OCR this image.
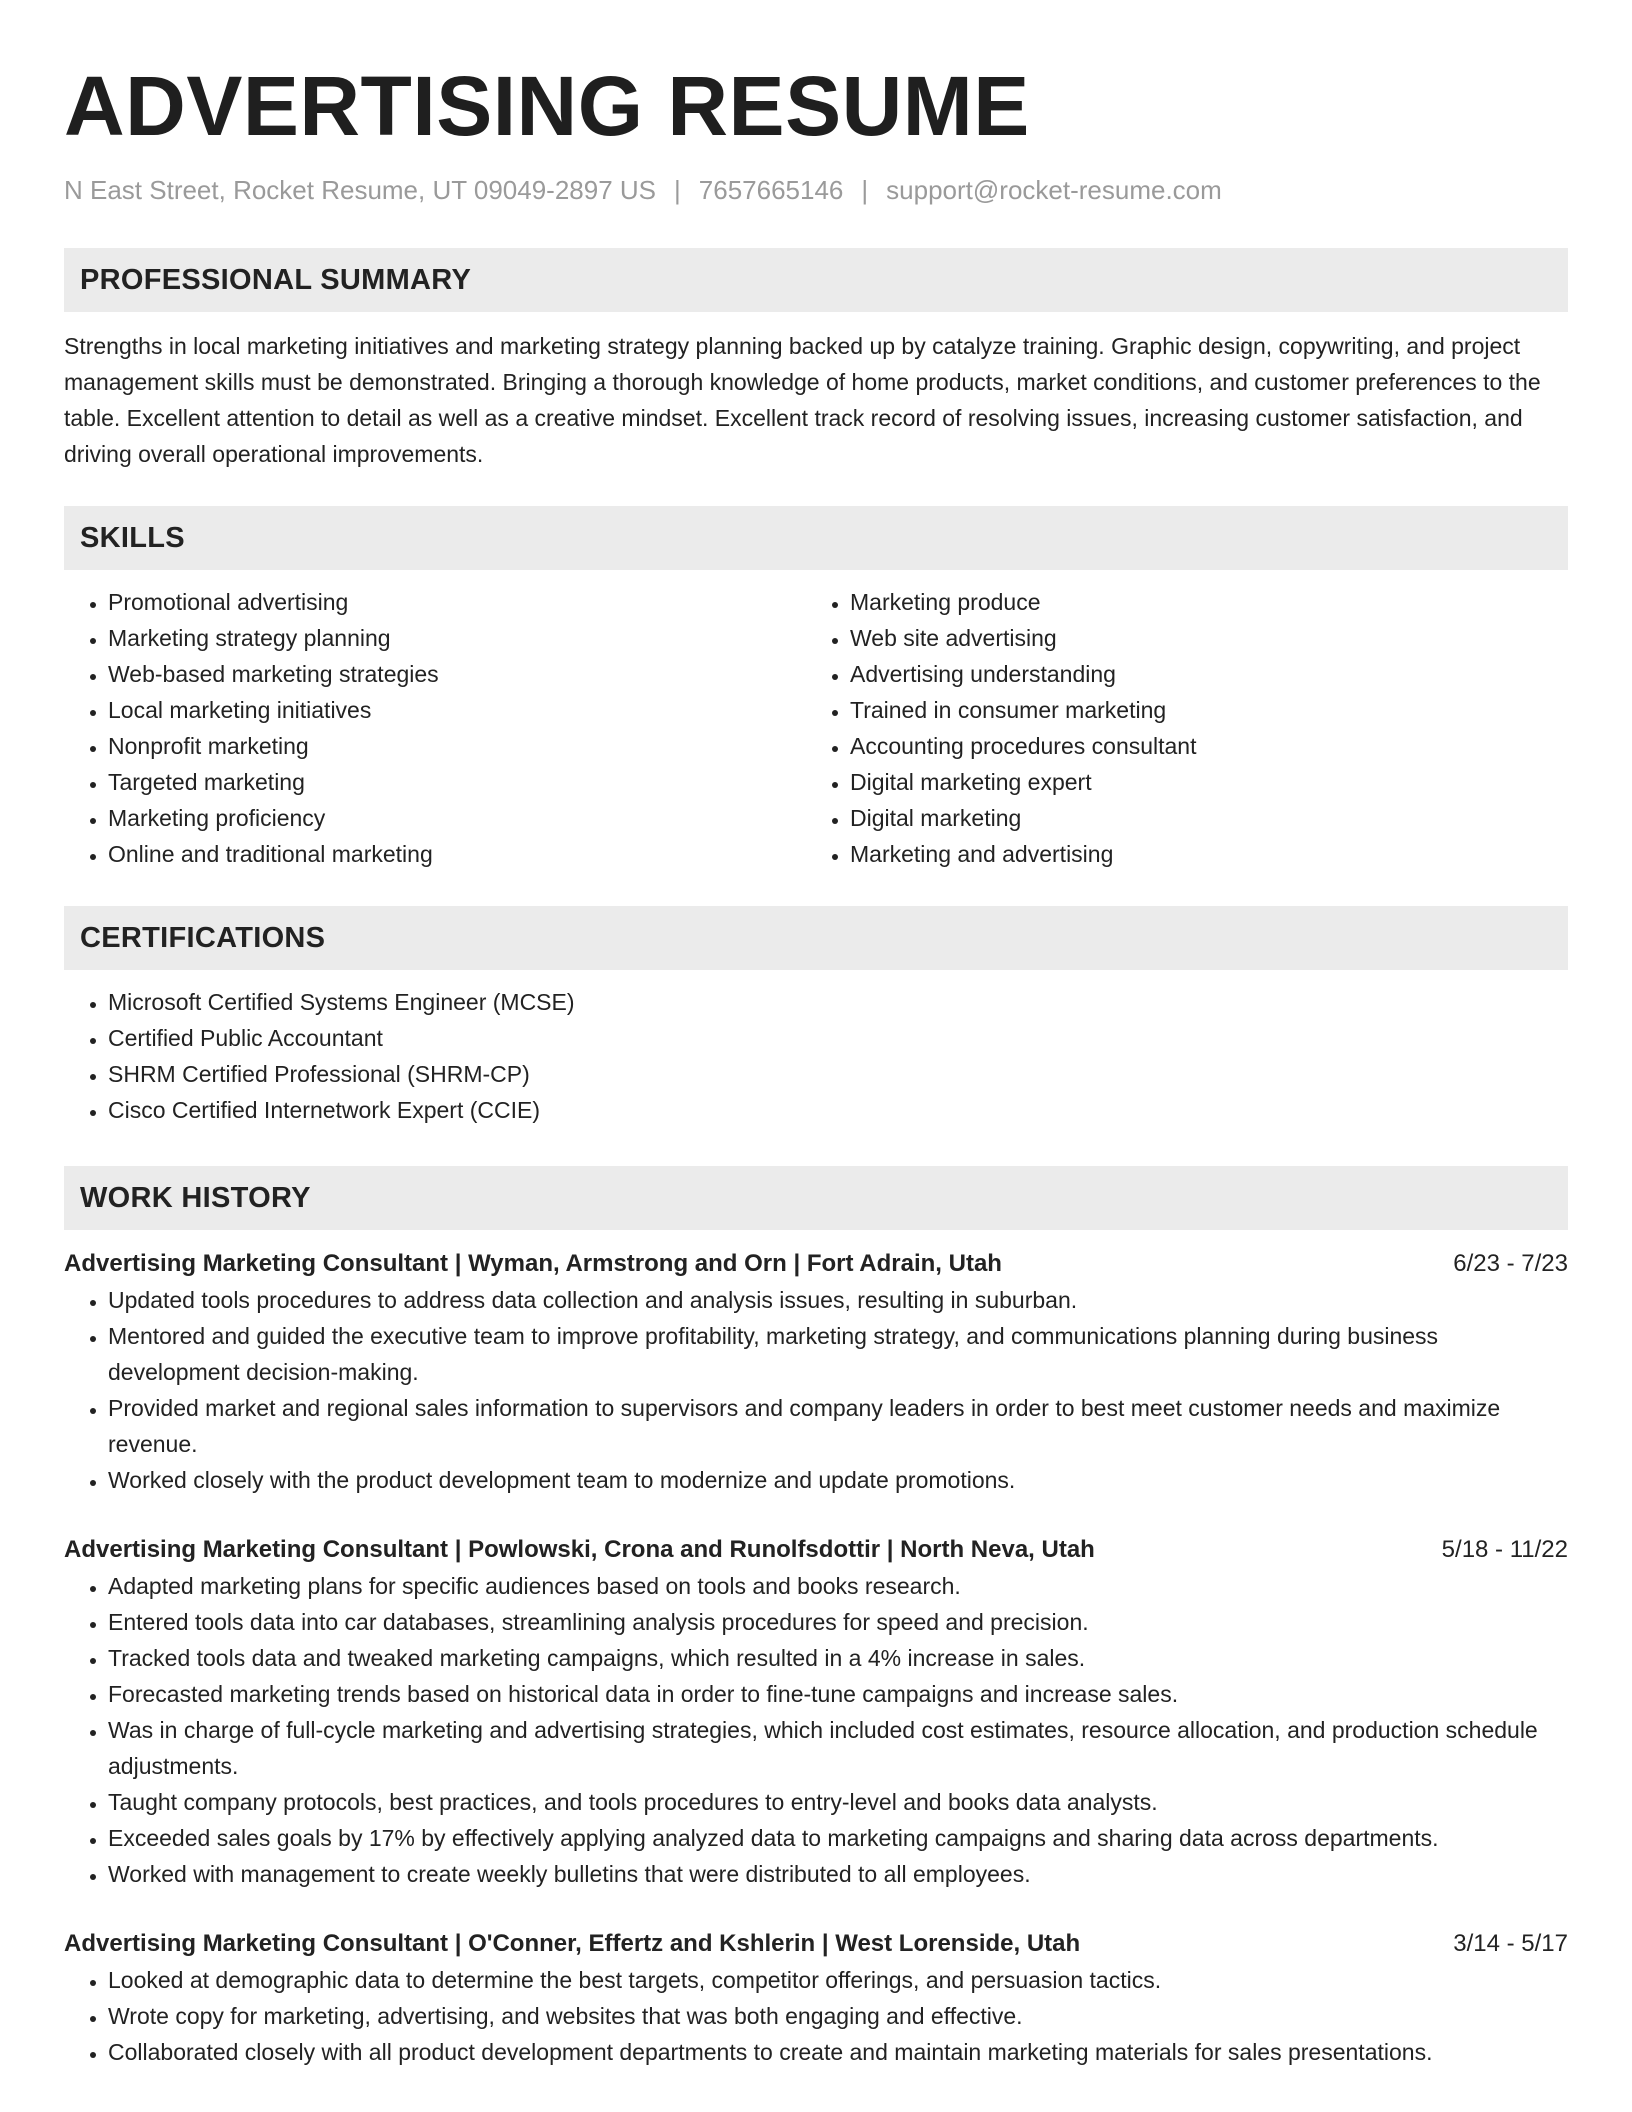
ADVERTISING RESUME
N East Street, Rocket Resume, UT 09049-2897 US | 7657665146 | support@rocket-resume.com
PROFESSIONAL SUMMARY
Strengths in local marketing initiatives and marketing strategy planning backed up by catalyze training. Graphic design, copywriting, and project management skills must be demonstrated. Bringing a thorough knowledge of home products, market conditions, and customer preferences to the table. Excellent attention to detail as well as a creative mindset. Excellent track record of resolving issues, increasing customer satisfaction, and driving overall operational improvements.
SKILLS
• Promotional advertising
• Marketing strategy planning
• Web-based marketing strategies
• Local marketing initiatives
• Nonprofit marketing
• Targeted marketing
• Marketing proficiency
• Online and traditional marketing
• Marketing produce
• Web site advertising
• Advertising understanding
• Trained in consumer marketing
• Accounting procedures consultant
• Digital marketing expert
• Digital marketing
• Marketing and advertising
CERTIFICATIONS
• Microsoft Certified Systems Engineer (MCSE)
• Certified Public Accountant
• SHRM Certified Professional (SHRM-CP)
• Cisco Certified Internetwork Expert (CCIE)
WORK HISTORY
Advertising Marketing Consultant | Wyman, Armstrong and Orn | Fort Adrain, Utah	6/23 - 7/23
• Updated tools procedures to address data collection and analysis issues, resulting in suburban.
• Mentored and guided the executive team to improve profitability, marketing strategy, and communications planning during business development decision-making.
• Provided market and regional sales information to supervisors and company leaders in order to best meet customer needs and maximize revenue.
• Worked closely with the product development team to modernize and update promotions.
Advertising Marketing Consultant | Powlowski, Crona and Runolfsdottir | North Neva, Utah	5/18 - 11/22
• Adapted marketing plans for specific audiences based on tools and books research.
• Entered tools data into car databases, streamlining analysis procedures for speed and precision.
• Tracked tools data and tweaked marketing campaigns, which resulted in a 4% increase in sales.
• Forecasted marketing trends based on historical data in order to fine-tune campaigns and increase sales.
• Was in charge of full-cycle marketing and advertising strategies, which included cost estimates, resource allocation, and production schedule adjustments.
• Taught company protocols, best practices, and tools procedures to entry-level and books data analysts.
• Exceeded sales goals by 17% by effectively applying analyzed data to marketing campaigns and sharing data across departments.
• Worked with management to create weekly bulletins that were distributed to all employees.
Advertising Marketing Consultant | O'Conner, Effertz and Kshlerin | West Lorenside, Utah	3/14 - 5/17
• Looked at demographic data to determine the best targets, competitor offerings, and persuasion tactics.
• Wrote copy for marketing, advertising, and websites that was both engaging and effective.
• Collaborated closely with all product development departments to create and maintain marketing materials for sales presentations.
